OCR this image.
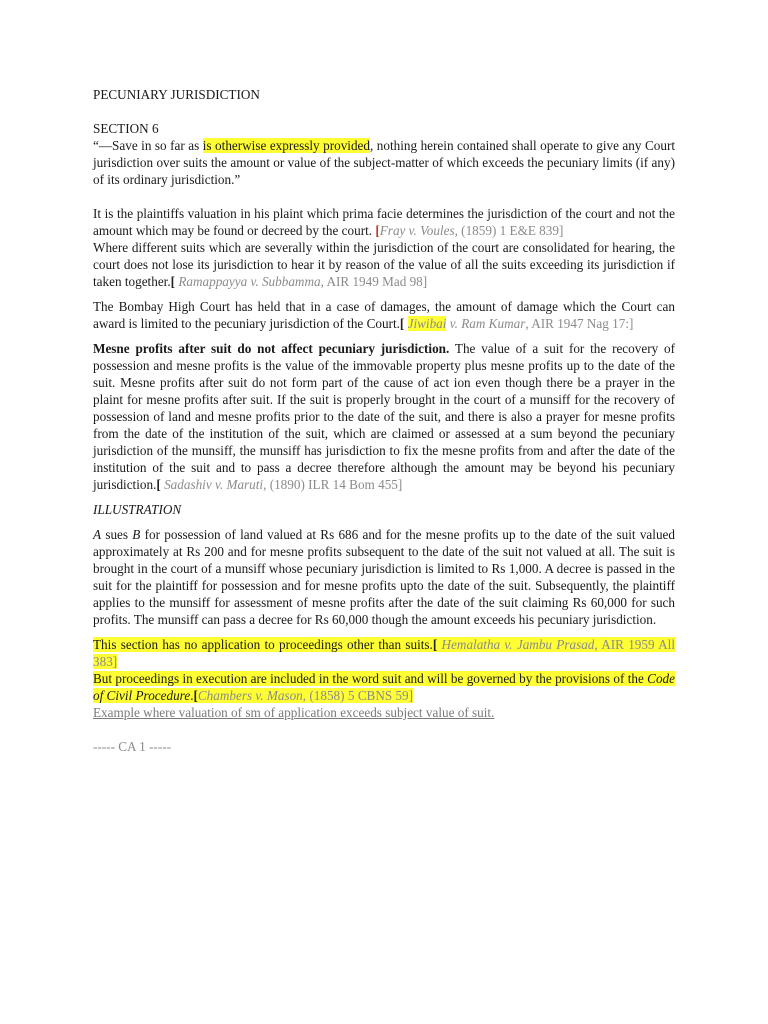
PECUNIARY JURISDICTION

SECTION 6

“—Save in so far as is otherwise expressly provided, nothing herein contained shall operate to give any Court jurisdiction over suits the amount or value of the subject-matter of which exceeds the pecuniary limits (if any) of its ordinary jurisdiction.”

It is the plaintiffs valuation in his plaint which prima facie determines the jurisdiction of the court and not the amount which may be found or decreed by the court. [Fray v. Voules, (1859) 1 E&E 839]

Where different suits which are severally within the jurisdiction of the court are consolidated for hearing, the court does not lose its jurisdiction to hear it by reason of the value of all the suits exceeding its jurisdiction if taken together.[ Ramappayya v. Subbamma, AIR 1949 Mad 98]

The Bombay High Court has held that in a case of damages, the amount of damage which the Court can award is limited to the pecuniary jurisdiction of the Court.[ Jiwibai v. Ram Kumar, AIR 1947 Nag 17:]

Mesne profits after suit do not affect pecuniary jurisdiction. The value of a suit for the recovery of possession and mesne profits is the value of the immovable property plus mesne profits up to the date of the suit. Mesne profits after suit do not form part of the cause of act ion even though there be a prayer in the plaint for mesne profits after suit. If the suit is properly brought in the court of a munsiff for the recovery of possession of land and mesne profits prior to the date of the suit, and there is also a prayer for mesne profits from the date of the institution of the suit, which are claimed or assessed at a sum beyond the pecuniary jurisdiction of the munsiff, the munsiff has jurisdiction to fix the mesne profits from and after the date of the institution of the suit and to pass a decree therefore although the amount may be beyond his pecuniary jurisdiction.[ Sadashiv v. Maruti, (1890) ILR 14 Bom 455]

ILLUSTRATION

A sues B for possession of land valued at Rs 686 and for the mesne profits up to the date of the suit valued approximately at Rs 200 and for mesne profits subsequent to the date of the suit not valued at all. The suit is brought in the court of a munsiff whose pecuniary jurisdiction is limited to Rs 1,000. A decree is passed in the suit for the plaintiff for possession and for mesne profits upto the date of the suit. Subsequently, the plaintiff applies to the munsiff for assessment of mesne profits after the date of the suit claiming Rs 60,000 for such profits. The munsiff can pass a decree for Rs 60,000 though the amount exceeds his pecuniary jurisdiction.

This section has no application to proceedings other than suits.[ Hemalatha v. Jambu Prasad, AIR 1959 All 383]

But proceedings in execution are included in the word suit and will be governed by the provisions of the Code of Civil Procedure.[Chambers v. Mason, (1858) 5 CBNS 59]

Example where valuation of sm of application exceeds subject value of suit.

----- CA 1 -----
